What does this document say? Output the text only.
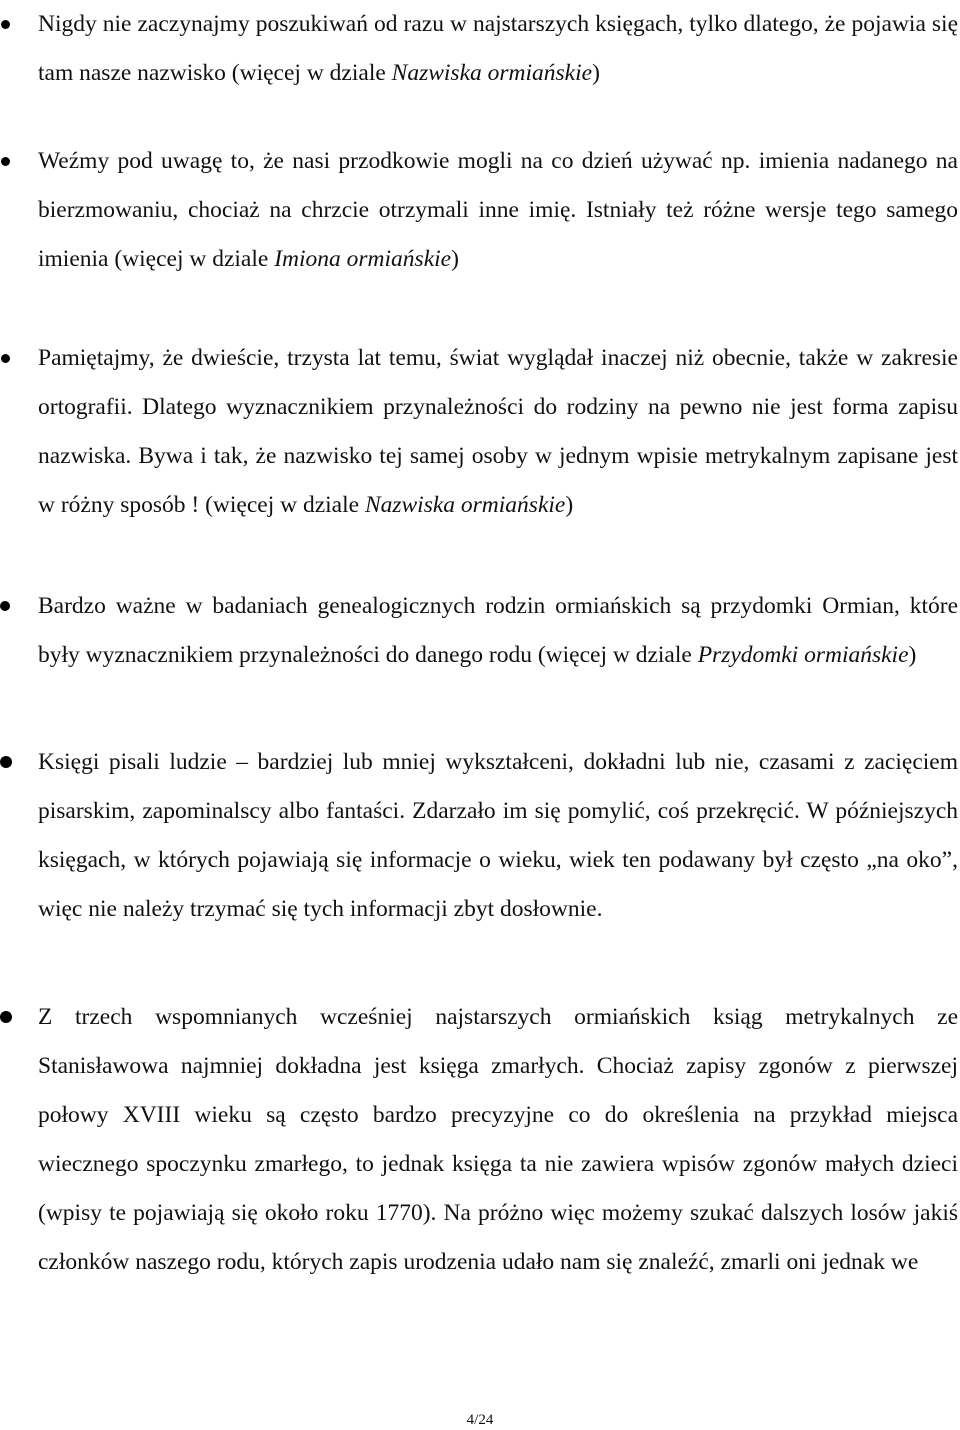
Nigdy nie zaczynajmy poszukiwań od razu w najstarszych księgach, tylko dlatego, że pojawia się tam nasze nazwisko (więcej w dziale Nazwiska ormiańskie)
Weźmy pod uwagę to, że nasi przodkowie mogli na co dzień używać np. imienia nadanego na bierzmowaniu, chociaż na chrzcie otrzymali inne imię. Istniały też różne wersje tego samego imienia (więcej w dziale Imiona ormiańskie)
Pamiętajmy, że dwieście, trzysta lat temu, świat wyglądał inaczej niż obecnie, także w zakresie ortografii. Dlatego wyznacznikiem przynależności do rodziny na pewno nie jest forma zapisu nazwiska. Bywa i tak, że nazwisko tej samej osoby w jednym wpisie metrykalnym zapisane jest w różny sposób ! (więcej w dziale Nazwiska ormiańskie)
Bardzo ważne w badaniach genealogicznych rodzin ormiańskich są przydomki Ormian, które były wyznacznikiem przynależności do danego rodu (więcej w dziale Przydomki ormiańskie)
Księgi pisali ludzie – bardziej lub mniej wykształceni, dokładni lub nie, czasami z zacięciem pisarskim, zapominalscy albo fantaści. Zdarzało im się pomylić, coś przekręcić. W późniejszych księgach, w których pojawiają się informacje o wieku, wiek ten podawany był często „na oko”, więc nie należy trzymać się tych informacji zbyt dosłownie.
Z trzech wspomnianych wcześniej najstarszych ormiańskich ksiąg metrykalnych ze Stanisławowa najmniej dokładna jest księga zmarłych. Chociaż zapisy zgonów z pierwszej połowy XVIII wieku są często bardzo precyzyjne co do określenia na przykład miejsca wiecznego spoczynku zmarłego, to jednak księga ta nie zawiera wpisów zgonów małych dzieci (wpisy te pojawiają się około roku 1770). Na próżno więc możemy szukać dalszych losów jakiś członków naszego rodu, których zapis urodzenia udało nam się znaleźć, zmarli oni jednak we
4/24
